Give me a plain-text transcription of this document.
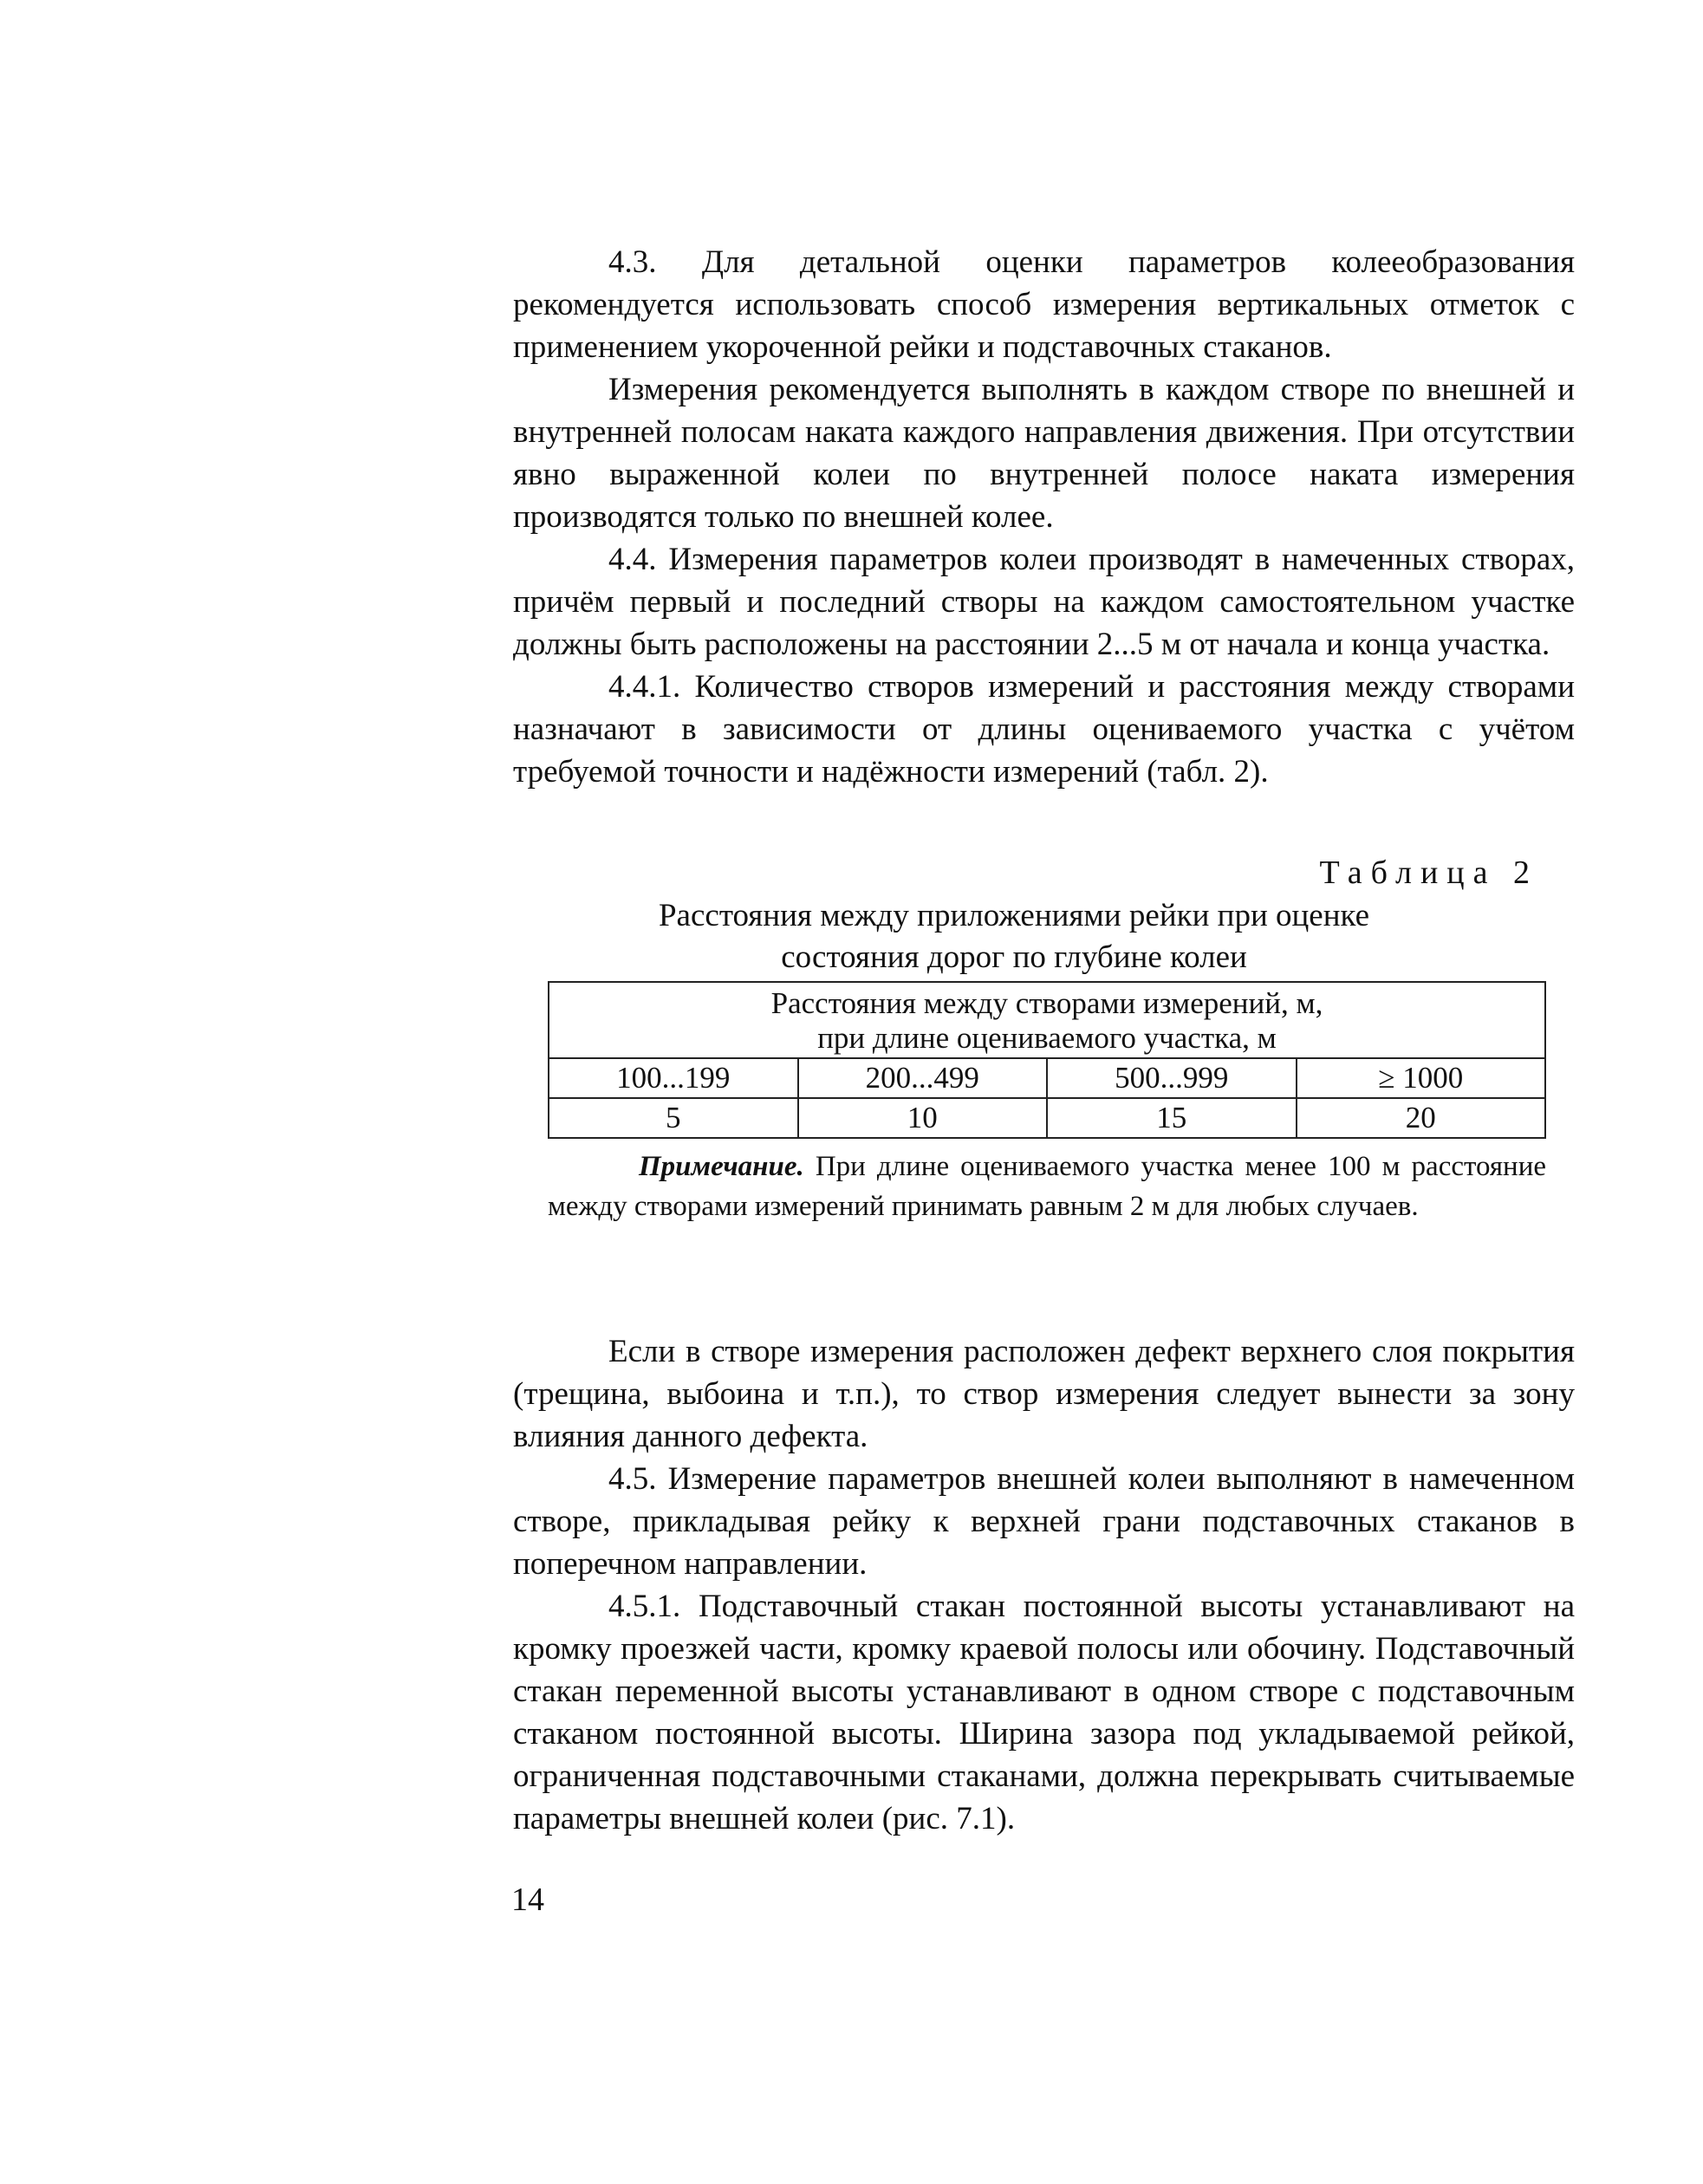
4.3. Для детальной оценки параметров колееобразования рекомендуется использовать способ измерения вертикальных отметок с применением укороченной рейки и подставочных стаканов.

Измерения рекомендуется выполнять в каждом створе по внешней и внутренней полосам наката каждого направления движения. При отсутствии явно выраженной колеи по внутренней полосе наката измерения производятся только по внешней колее.

4.4. Измерения параметров колеи производят в намеченных створах, причём первый и последний створы на каждом самостоятельном участке должны быть расположены на расстоянии 2...5 м от начала и конца участка.

4.4.1. Количество створов измерений и расстояния между створами назначают в зависимости от длины оцениваемого участка с учётом требуемой точности и надёжности измерений (табл. 2).

Таблица 2
Расстояния между приложениями рейки при оценке
состояния дорог по глубине колеи
Расстояния между створами измерений, м,
при длине оцениваемого участка, м			

100...199	200...499	500...999	≥ 1000
5	10	15	20

Примечание. При длине оцениваемого участка менее 100 м расстояние между створами измерений принимать равным 2 м для любых случаев.

Если в створе измерения расположен дефект верхнего слоя покрытия (трещина, выбоина и т.п.), то створ измерения следует вынести за зону влияния данного дефекта.

4.5. Измерение параметров внешней колеи выполняют в намеченном створе, прикладывая рейку к верхней грани подставочных стаканов в поперечном направлении.

4.5.1. Подставочный стакан постоянной высоты устанавливают на кромку проезжей части, кромку краевой полосы или обочину. Подставочный стакан переменной высоты устанавливают в одном створе с подставочным стаканом постоянной высоты. Ширина зазора под укладываемой рейкой, ограниченная подставочными стаканами, должна перекрывать считываемые параметры внешней колеи (рис. 7.1).

14
